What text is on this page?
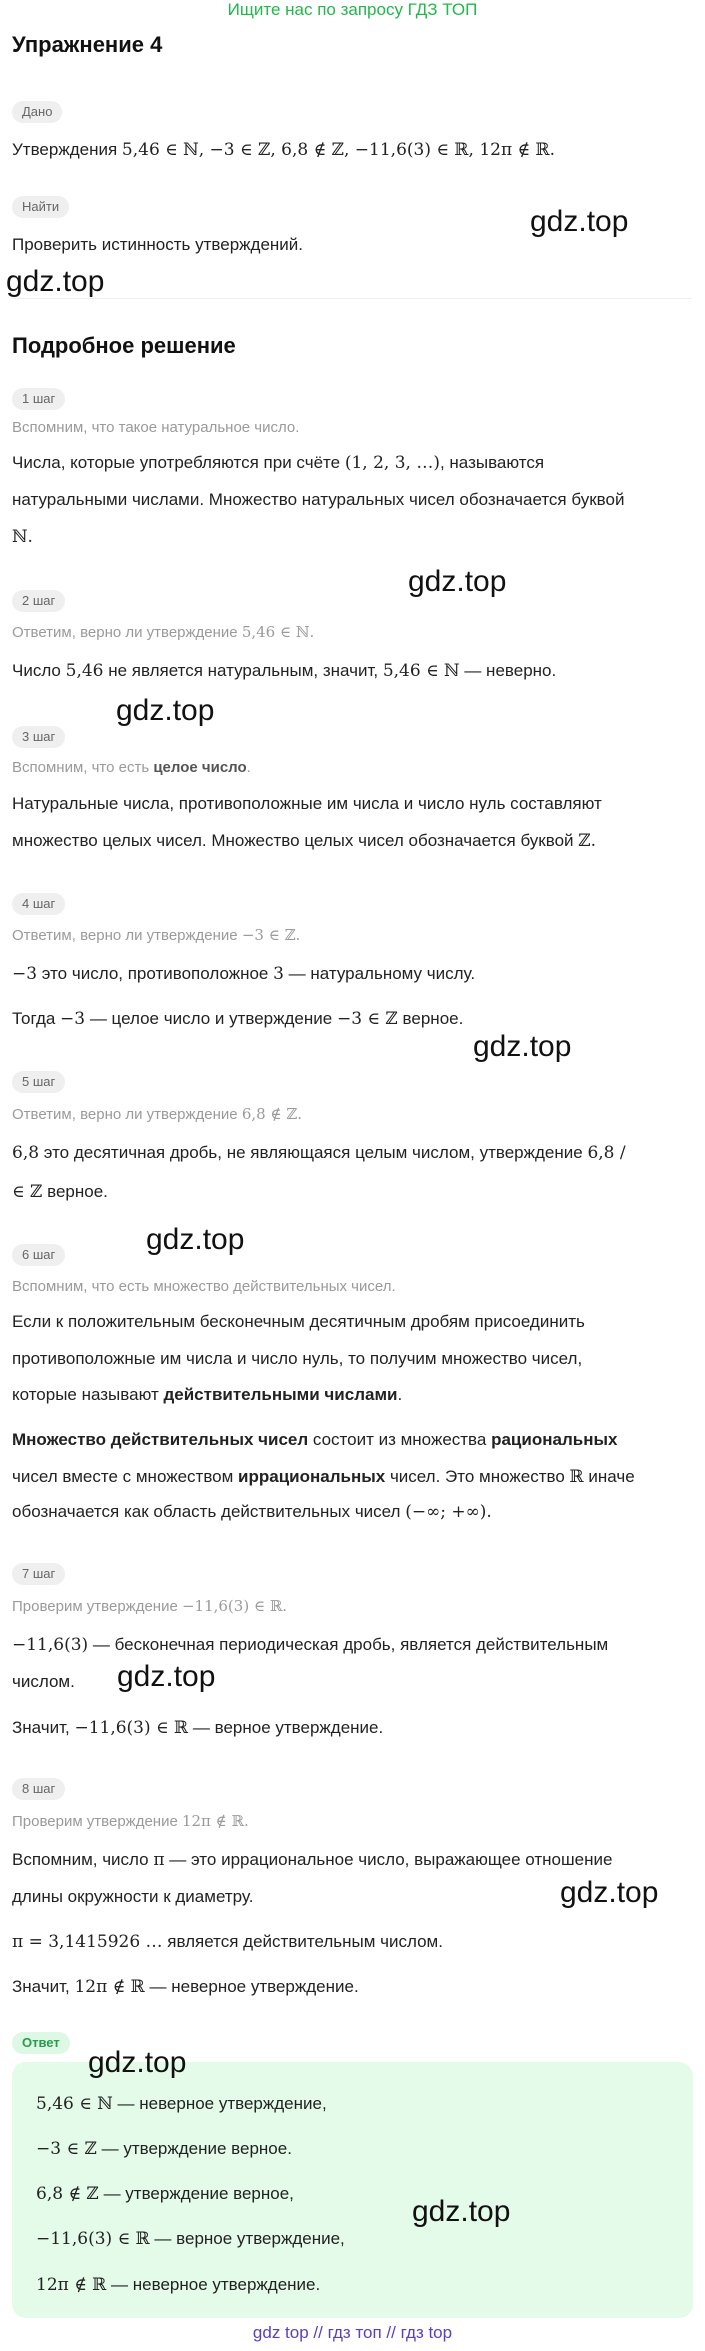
Ищите нас по запросу ГДЗ ТОП
Упражнение 4
Дано
Утверждения 5,46 ∈ ℕ, −3 ∈ ℤ, 6,8 ∉ ℤ, −11,6(3) ∈ ℝ, 12π ∉ ℝ.
Найти
Проверить истинность утверждений.
gdz.top
gdz.top
Подробное решение
1 шаг
Вспомним, что такое натуральное число.
Числа, которые употребляются при счёте (1, 2, 3, …), называются
натуральными числами. Множество натуральных чисел обозначается буквой
ℕ.
gdz.top
2 шаг
Ответим, верно ли утверждение 5,46 ∈ ℕ.
Число 5,46 не является натуральным, значит, 5,46 ∈ ℕ — неверно.
gdz.top
3 шаг
Вспомним, что есть целое число.
Натуральные числа, противоположные им числа и число нуль составляют
множество целых чисел. Множество целых чисел обозначается буквой ℤ.
4 шаг
Ответим, верно ли утверждение −3 ∈ ℤ.
−3 это число, противоположное 3 — натуральному числу.
Тогда −3 — целое число и утверждение −3 ∈ ℤ верное.
gdz.top
5 шаг
Ответим, верно ли утверждение 6,8 ∉ ℤ.
6,8 это десятичная дробь, не являющаяся целым числом, утверждение 6,8 /
∈ ℤ верное.
gdz.top
6 шаг
Вспомним, что есть множество действительных чисел.
Если к положительным бесконечным десятичным дробям присоединить
противоположные им числа и число нуль, то получим множество чисел,
которые называют действительными числами.
Множество действительных чисел состоит из множества рациональных
чисел вместе с множеством иррациональных чисел. Это множество ℝ иначе
обозначается как область действительных чисел (−∞; +∞).
7 шаг
Проверим утверждение −11,6(3) ∈ ℝ.
−11,6(3) — бесконечная периодическая дробь, является действительным
числом. gdz.top
Значит, −11,6(3) ∈ ℝ — верное утверждение.
8 шаг
Проверим утверждение 12π ∉ ℝ.
Вспомним, число π — это иррациональное число, выражающее отношение
длины окружности к диаметру.	gdz.top
π = 3,1415926 … является действительным числом.
Значит, 12π ∉ ℝ — неверное утверждение.
Ответ
gdz.top
5,46 ∈ ℕ — неверное утверждение,
−3 ∈ ℤ — утверждение верное.
6,8 ∉ ℤ — утверждение верное,
−11,6(3) ∈ ℝ — верное утверждение,
12π ∉ ℝ — неверное утверждение.
gdz.top
gdz top // гдз топ // гдз top
